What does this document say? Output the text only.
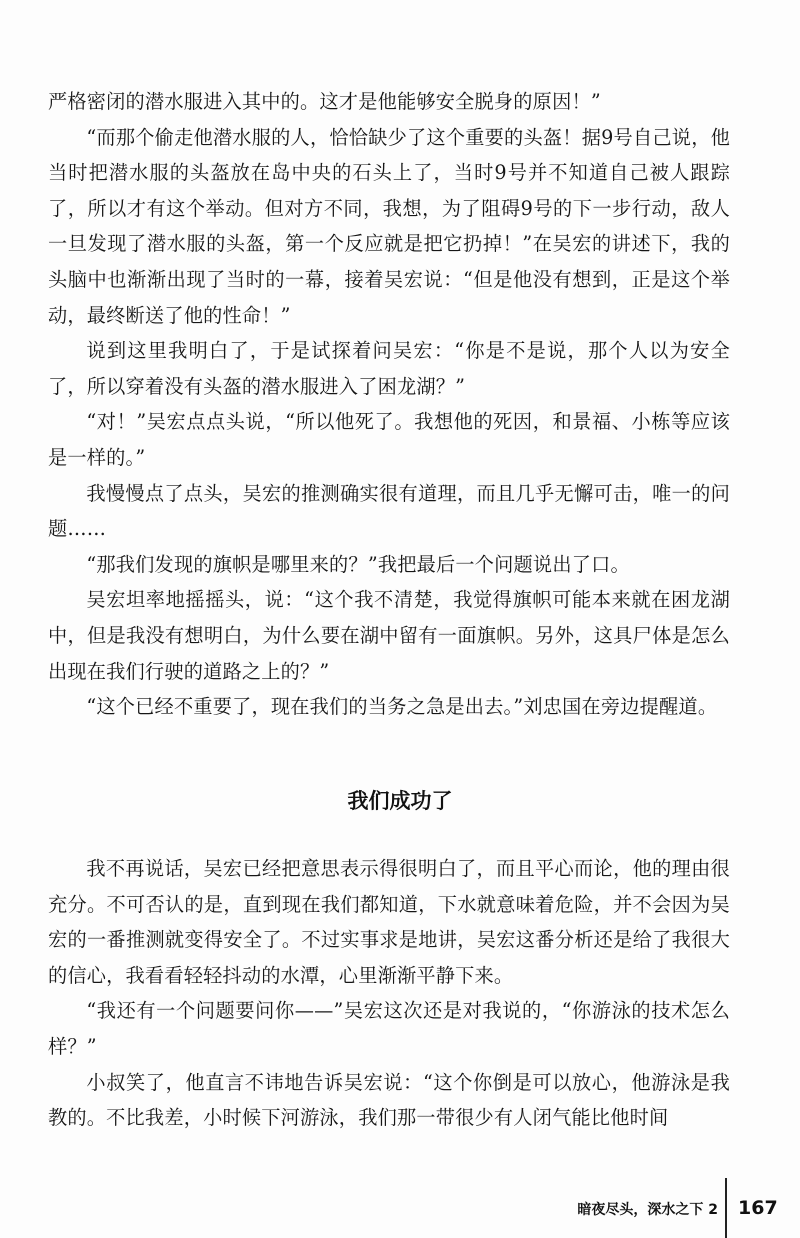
严格密闭的潜水服进入其中的。这才是他能够安全脱身的原因！”

“而那个偷走他潜水服的人，恰恰缺少了这个重要的头盔！据9号自己说，他当时把潜水服的头盔放在岛中央的石头上了，当时9号并不知道自己被人跟踪了，所以才有这个举动。但对方不同，我想，为了阻碍9号的下一步行动，敌人一旦发现了潜水服的头盔，第一个反应就是把它扔掉！”在吴宏的讲述下，我的头脑中也渐渐出现了当时的一幕，接着吴宏说：“但是他没有想到，正是这个举动，最终断送了他的性命！”

说到这里我明白了，于是试探着问吴宏：“你是不是说，那个人以为安全了，所以穿着没有头盔的潜水服进入了困龙湖？”

“对！”吴宏点点头说，“所以他死了。我想他的死因，和景福、小栋等应该是一样的。”

我慢慢点了点头，吴宏的推测确实很有道理，而且几乎无懈可击，唯一的问题……

“那我们发现的旗帜是哪里来的？”我把最后一个问题说出了口。

吴宏坦率地摇摇头，说：“这个我不清楚，我觉得旗帜可能本来就在困龙湖中，但是我没有想明白，为什么要在湖中留有一面旗帜。另外，这具尸体是怎么出现在我们行驶的道路之上的？”

“这个已经不重要了，现在我们的当务之急是出去。”刘忠国在旁边提醒道。

我们成功了

我不再说话，吴宏已经把意思表示得很明白了，而且平心而论，他的理由很充分。不可否认的是，直到现在我们都知道，下水就意味着危险，并不会因为吴宏的一番推测就变得安全了。不过实事求是地讲，吴宏这番分析还是给了我很大的信心，我看看轻轻抖动的水潭，心里渐渐平静下来。

“我还有一个问题要问你——”吴宏这次还是对我说的，“你游泳的技术怎么样？”

小叔笑了，他直言不讳地告诉吴宏说：“这个你倒是可以放心，他游泳是我教的。不比我差，小时候下河游泳，我们那一带很少有人闭气能比他时间

暗夜尽头，深水之下 2 167
